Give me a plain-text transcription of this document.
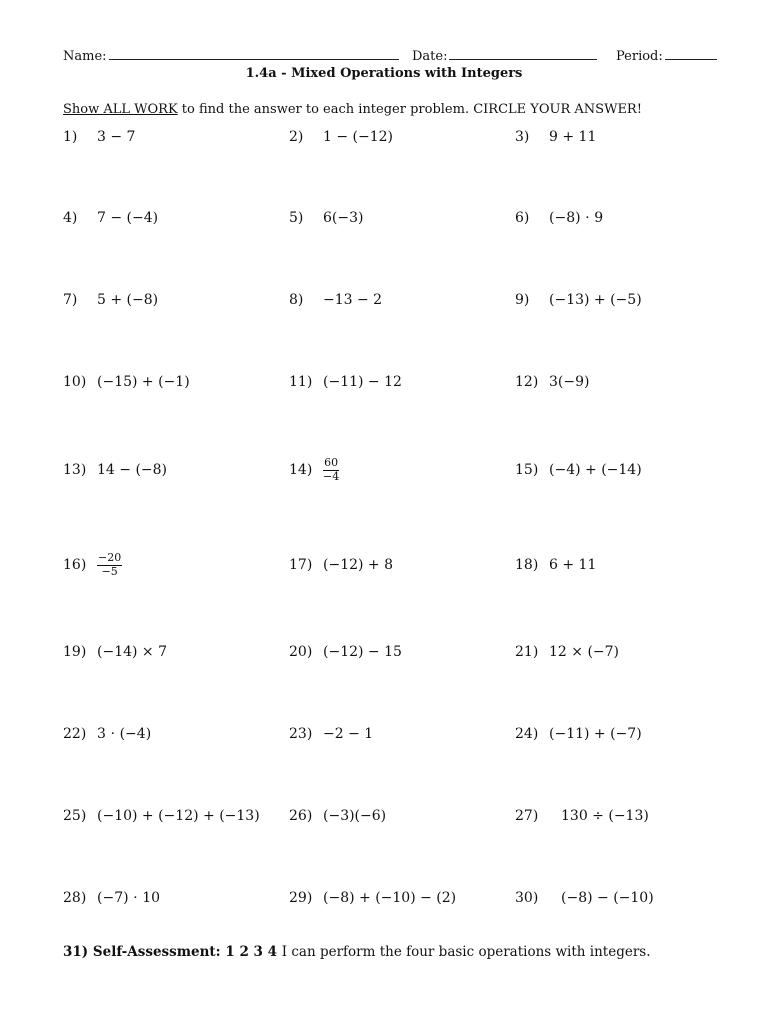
Name:	Date:	Period:
1.4a - Mixed Operations with Integers
Show ALL WORK to find the answer to each integer problem. CIRCLE YOUR ANSWER!
1)	3 − 7	2)	1 − (−12)	3)	9 + 11
4)	7 − (−4)	5)	6(−3)	6)	(−8) ⋅ 9
7)	5 + (−8)	8)	−13 − 2	9)	(−13) + (−5)
10) (−15) + (−1)	11) (−11) − 12	12) 3(−9)
13) 14 − (−8)	$14) \frac{60}{-4}$	15) (−4) + (−14)
$16) \frac{-20}{-5}$	17) (−12) + 8	18) 6 + 11
19) (−14) × 7	20) (−12) − 15	21) 12 × (−7)
22) 3 ⋅ (−4)	23) −2 − 1	24) (−11) + (−7)
25) (−10) + (−12) + (−13) 26) (−3)(−6)	27)	130 ÷ (−13)
28) (−7) ⋅ 10	29) (−8) + (−10) − (2)	30)	(−8) − (−10)
31) Self-Assessment: 1 2 3 4 I can perform the four basic operations with integers.
